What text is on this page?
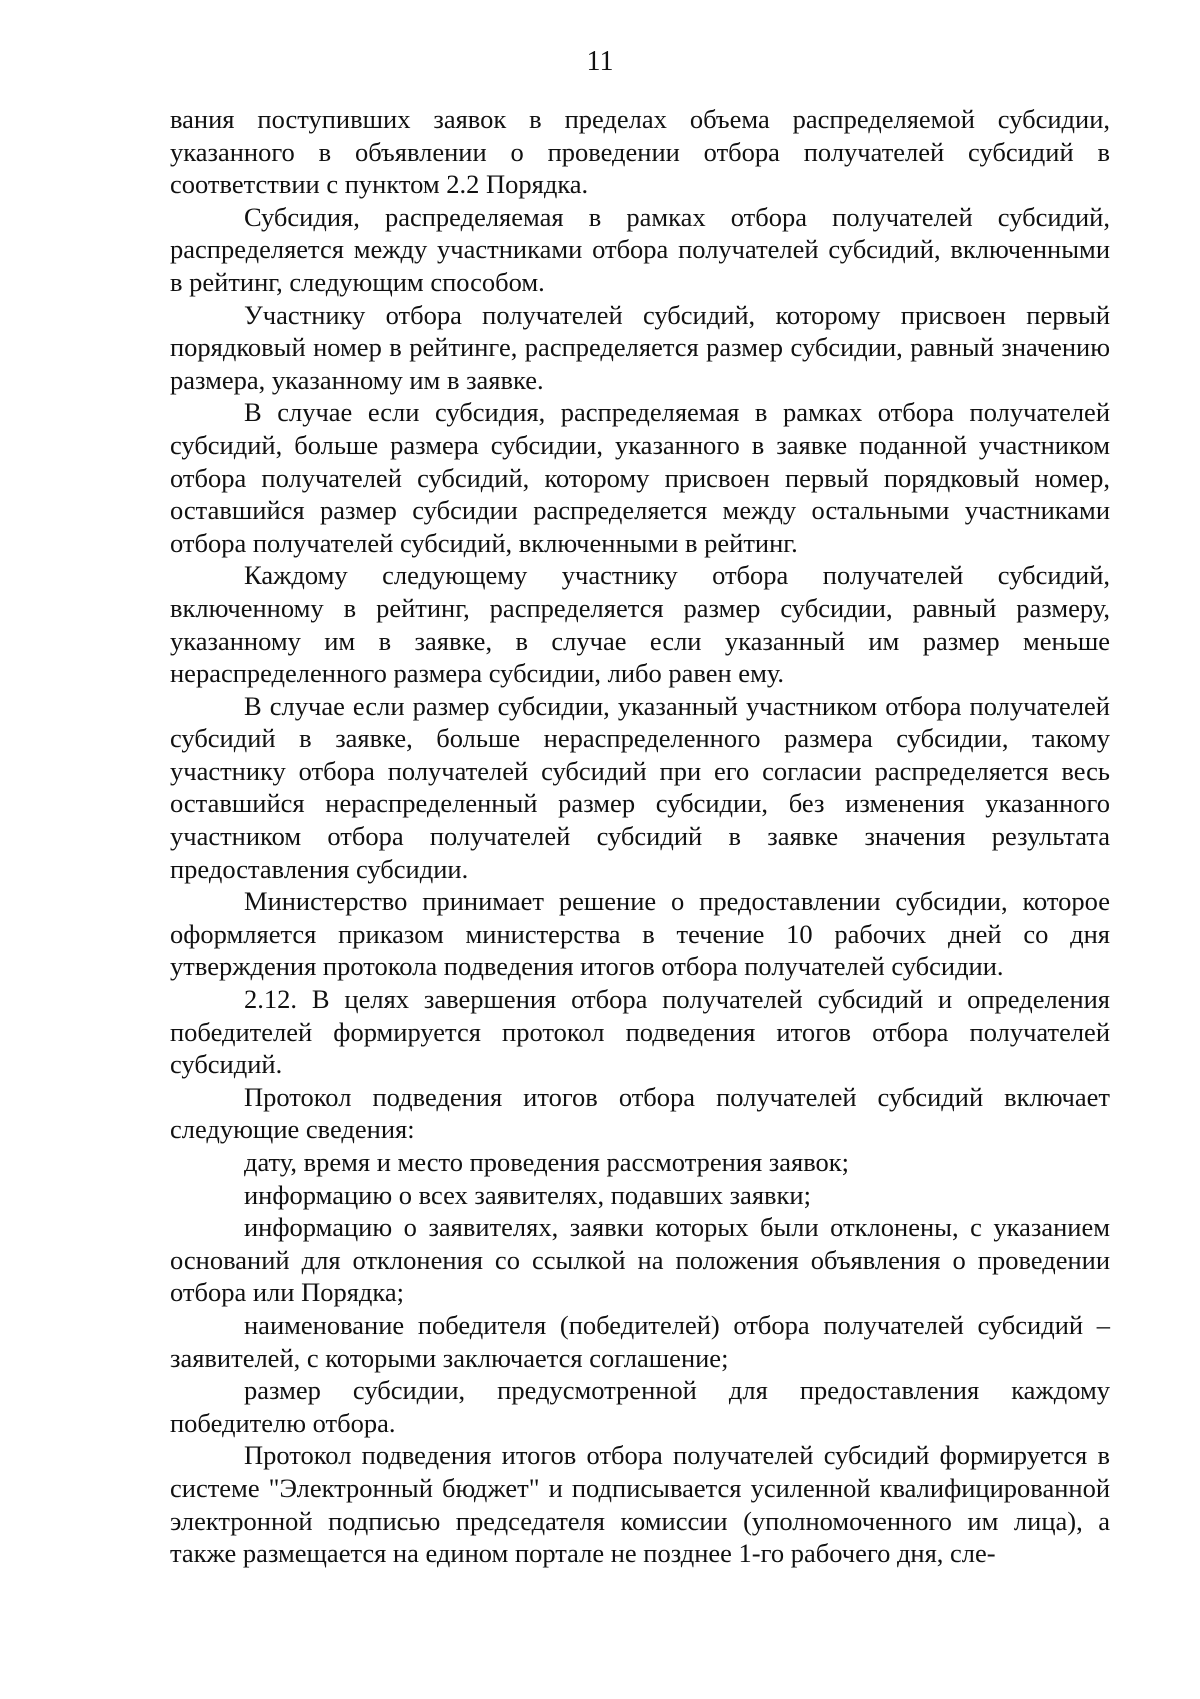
11

вания поступивших заявок в пределах объема распределяемой субсидии, указанного в объявлении о проведении отбора получателей субсидий в соответствии с пунктом 2.2 Порядка.

Субсидия, распределяемая в рамках отбора получателей субсидий, распределяется между участниками отбора получателей субсидий, включенными в рейтинг, следующим способом.

Участнику отбора получателей субсидий, которому присвоен первый порядковый номер в рейтинге, распределяется размер субсидии, равный значению размера, указанному им в заявке.

В случае если субсидия, распределяемая в рамках отбора получателей субсидий, больше размера субсидии, указанного в заявке поданной участником отбора получателей субсидий, которому присвоен первый порядковый номер, оставшийся размер субсидии распределяется между остальными участниками отбора получателей субсидий, включенными в рейтинг.

Каждому следующему участнику отбора получателей субсидий, включенному в рейтинг, распределяется размер субсидии, равный размеру, указанному им в заявке, в случае если указанный им размер меньше нераспределенного размера субсидии, либо равен ему.

В случае если размер субсидии, указанный участником отбора получателей субсидий в заявке, больше нераспределенного размера субсидии, такому участнику отбора получателей субсидий при его согласии распределяется весь оставшийся нераспределенный размер субсидии, без изменения указанного участником отбора получателей субсидий в заявке значения результата предоставления субсидии.

Министерство принимает решение о предоставлении субсидии, которое оформляется приказом министерства в течение 10 рабочих дней со дня утверждения протокола подведения итогов отбора получателей субсидии.

2.12. В целях завершения отбора получателей субсидий и определения победителей формируется протокол подведения итогов отбора получателей субсидий.

Протокол подведения итогов отбора получателей субсидий включает следующие сведения:

дату, время и место проведения рассмотрения заявок;

информацию о всех заявителях, подавших заявки;

информацию о заявителях, заявки которых были отклонены, с указанием оснований для отклонения со ссылкой на положения объявления о проведении отбора или Порядка;

наименование победителя (победителей) отбора получателей субсидий – заявителей, с которыми заключается соглашение;

размер субсидии, предусмотренной для предоставления каждому победителю отбора.

Протокол подведения итогов отбора получателей субсидий формируется в системе "Электронный бюджет" и подписывается усиленной квалифицированной электронной подписью председателя комиссии (уполномоченного им лица), а также размещается на едином портале не позднее 1-го рабочего дня, сле-
